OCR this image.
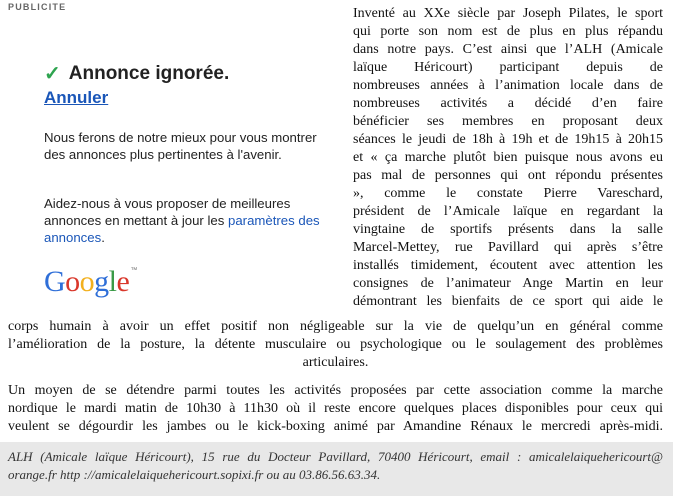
PUBLICITE
✓ Annonce ignorée.
Annuler
Nous ferons de notre mieux pour vous montrer des annonces plus pertinentes à l'avenir.
Aidez-nous à vous proposer de meilleures annonces en mettant à jour les paramètres des annonces.
Google™
Inventé au XXe siècle par Joseph Pilates, le sport
qui porte son nom est de plus en plus répandu
dans notre pays. C’est ainsi que l’ALH (Amicale
laïque Héricourt) participant depuis de
nombreuses années à l’animation locale dans de
nombreuses activités a décidé d’en faire
bénéficier ses membres en proposant deux
séances le jeudi de 18h à 19h et de 19h15 à 20h15
et « ça marche plutôt bien puisque nous avons eu
pas mal de personnes qui ont répondu présentes
», comme le constate Pierre Vareschard,
président de l’Amicale laïque en regardant la
vingtaine de sportifs présents dans la salle
Marcel-Mettey, rue Pavillard qui après s’être
installés timidement, écoutent avec attention les
consignes de l’animateur Ange Martin en leur
démontrant les bienfaits de ce sport qui aide le
corps humain à avoir un effet positif non négligeable sur la vie de quelqu’un en général comme
l’amélioration de la posture, la détente musculaire ou psychologique ou le soulagement des problèmes
articulaires.
Un moyen de se détendre parmi toutes les activités proposées par cette association comme la marche
nordique le mardi matin de 10h30 à 11h30 où il reste encore quelques places disponibles pour ceux qui
veulent se dégourdir les jambes ou le kick-boxing animé par Amandine Rénaux le mercredi après-midi.
ALH (Amicale laïque Héricourt), 15 rue du Docteur Pavillard, 70400 Héricourt, email : amicalelaiquehericourt@
orange.fr http ://amicalelaiquehericourt.sopixi.fr ou au 03.86.56.63.34.
